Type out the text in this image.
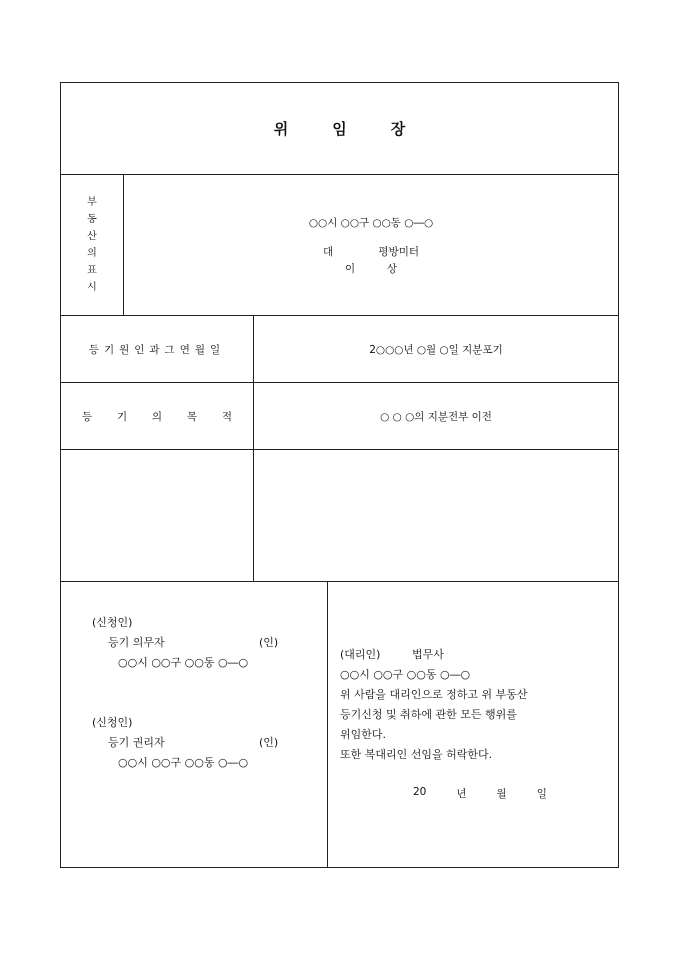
위임장
부
동
산
의
표
시
○○시 ○○구 ○○동 ○―○
대	평방미터
이	상
등기원인과그연월일	2○○○년 ○월 ○일 지분포기
등 기 의 목 적	○ ○ ○의 지분전부 이전
(신청인)
등기 의무자	(인)
○○시 ○○구 ○○동 ○―○
(신청인)
등기 권리자	(인)
○○시 ○○구 ○○동 ○―○
(대리인)	법무사
○○시 ○○구 ○○동 ○―○
위 사람을 대리인으로 정하고 위 부동산
등기신청 및 취하에 관한 모든 행위를
위임한다.
또한 복대리인 선임을 허락한다.
20	년	월	일
